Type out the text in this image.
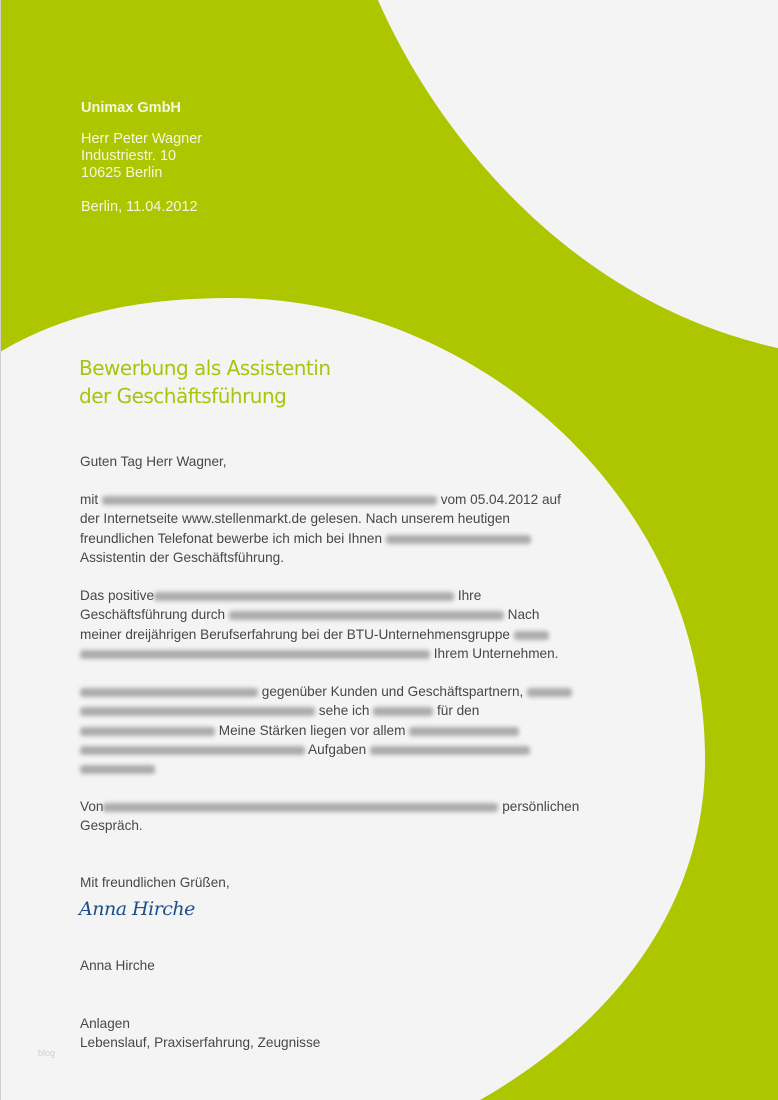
Unimax GmbH
Herr Peter Wagner
Industriestr. 10
10625 Berlin
Berlin, 11.04.2012
Bewerbung als Assistentin
der Geschäftsführung
Guten Tag Herr Wagner,
mit	vom 05.04.2012 auf
der Internetseite www.stellenmarkt.de gelesen. Nach unserem heutigen
freundlichen Telefonat bewerbe ich mich bei Ihnen
Assistentin der Geschäftsführung.
Das positive	Ihre
Geschäftsführung durch	Nach
meiner dreijährigen Berufserfahrung bei der BTU-Unternehmensgruppe
Ihrem Unternehmen.
gegenüber Kunden und Geschäftspartnern,
sehe ich	für den
Meine Stärken liegen vor allem
Aufgaben
Von	persönlichen
Gespräch.
Mit freundlichen Grüßen,
Anna Hirche
Anna Hirche
Anlagen
Lebenslauf, Praxiserfahrung, Zeugnisse
blog
